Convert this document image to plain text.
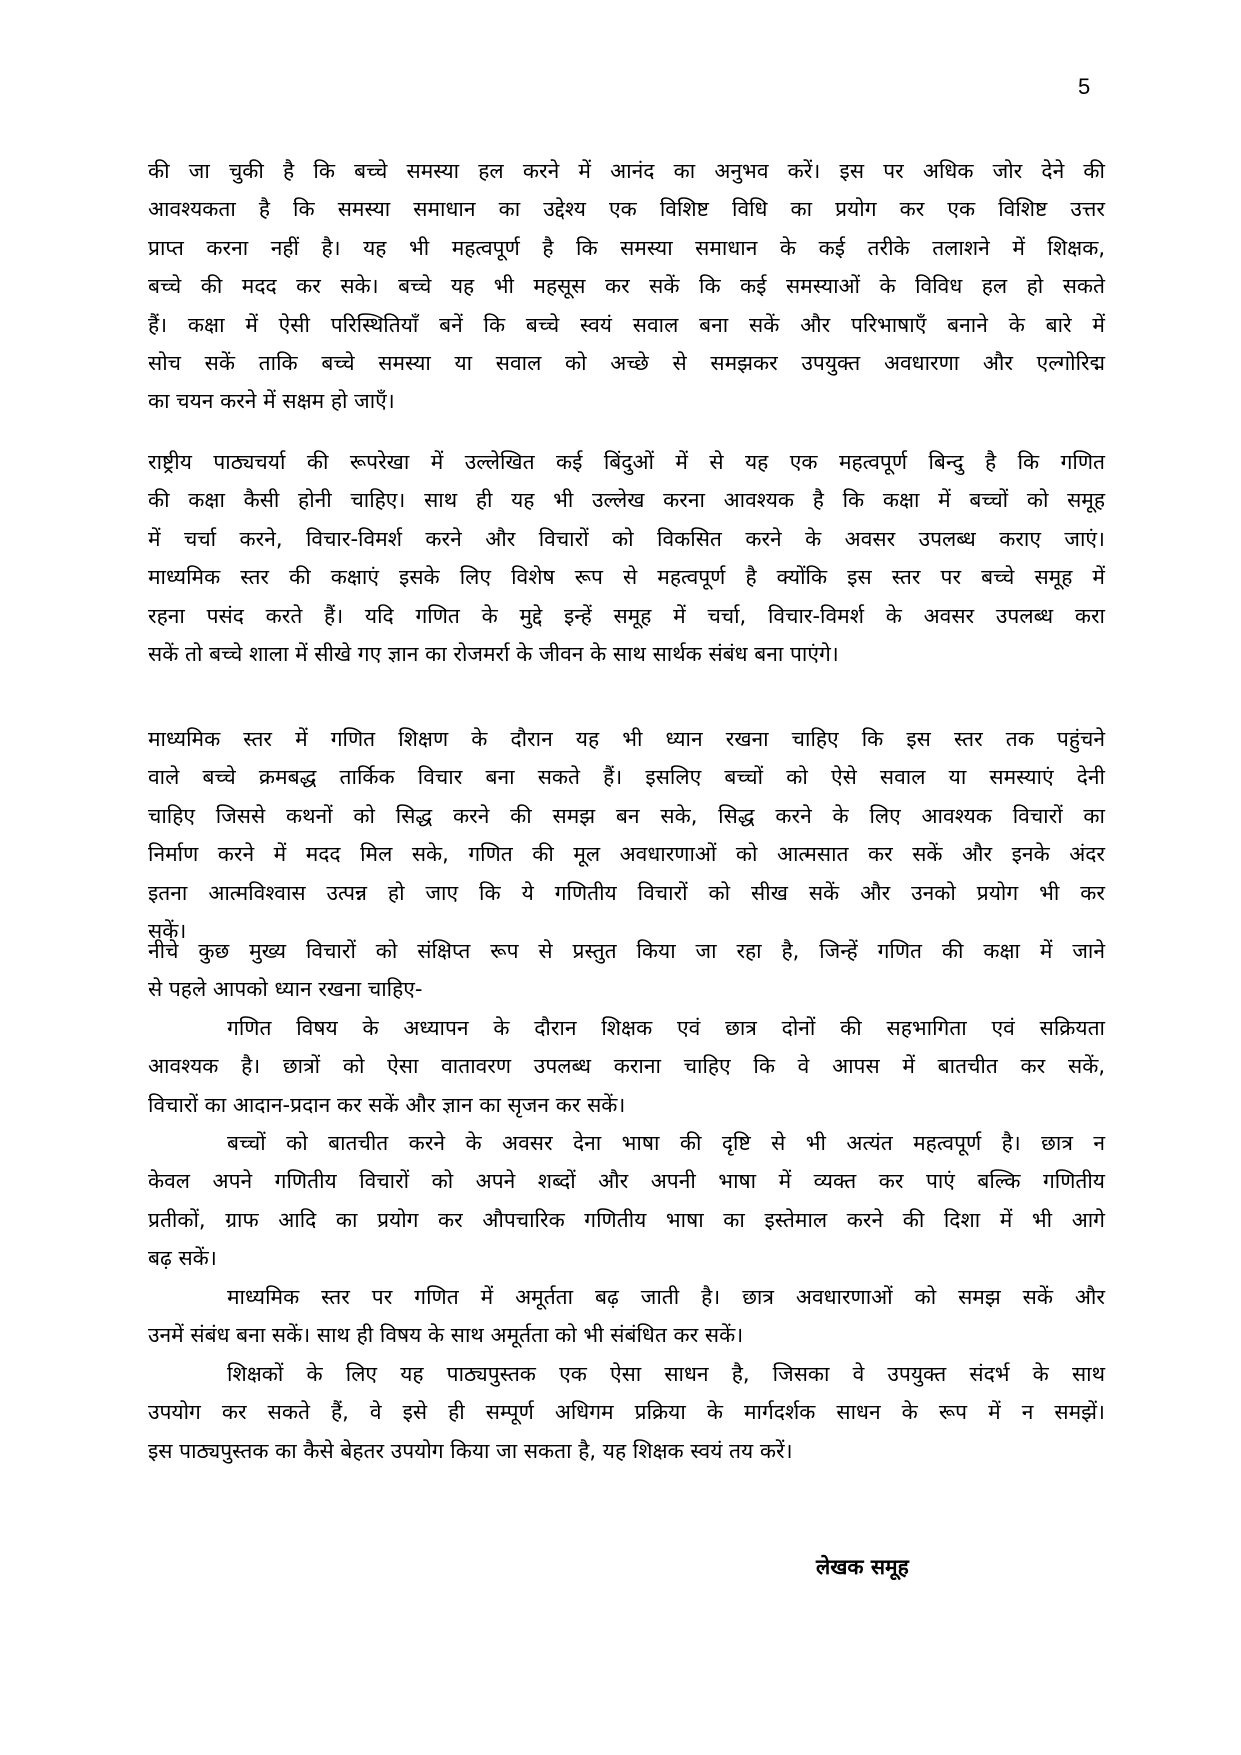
5
की जा चुकी है कि बच्चे समस्या हल करने में आनंद का अनुभव करें। इस पर अधिक जोर देने की
आवश्यकता है कि समस्या समाधान का उद्देश्य एक विशिष्ट विधि का प्रयोग कर एक विशिष्ट उत्तर
प्राप्त करना नहीं है। यह भी महत्वपूर्ण है कि समस्या समाधान के कई तरीके तलाशने में शिक्षक,
बच्चे की मदद कर सके। बच्चे यह भी महसूस कर सकें कि कई समस्याओं के विविध हल हो सकते
हैं। कक्षा में ऐसी परिस्थितियाँ बनें कि बच्चे स्वयं सवाल बना सकें और परिभाषाएँ बनाने के बारे में
सोच सकें ताकि बच्चे समस्या या सवाल को अच्छे से समझकर उपयुक्त अवधारणा और एल्गोरिद्म
का चयन करने में सक्षम हो जाएँ।
राष्ट्रीय पाठ्यचर्या की रूपरेखा में उल्लेखित कई बिंदुओं में से यह एक महत्वपूर्ण बिन्दु है कि गणित
की कक्षा कैसी होनी चाहिए। साथ ही यह भी उल्लेख करना आवश्यक है कि कक्षा में बच्चों को समूह
में चर्चा करने, विचार-विमर्श करने और विचारों को विकसित करने के अवसर उपलब्ध कराए जाएं।
माध्यमिक स्तर की कक्षाएं इसके लिए विशेष रूप से महत्वपूर्ण है क्योंकि इस स्तर पर बच्चे समूह में
रहना पसंद करते हैं। यदि गणित के मुद्दे इन्हें समूह में चर्चा, विचार-विमर्श के अवसर उपलब्ध करा
सकें तो बच्चे शाला में सीखे गए ज्ञान का रोजमर्रा के जीवन के साथ सार्थक संबंध बना पाएंगे।
माध्यमिक स्तर में गणित शिक्षण के दौरान यह भी ध्यान रखना चाहिए कि इस स्तर तक पहुंचने
वाले बच्चे क्रमबद्ध तार्किक विचार बना सकते हैं। इसलिए बच्चों को ऐसे सवाल या समस्याएं देनी
चाहिए जिससे कथनों को सिद्ध करने की समझ बन सके, सिद्ध करने के लिए आवश्यक विचारों का
निर्माण करने में मदद मिल सके, गणित की मूल अवधारणाओं को आत्मसात कर सकें और इनके अंदर
इतना आत्मविश्वास उत्पन्न हो जाए कि ये गणितीय विचारों को सीख सकें और उनको प्रयोग भी कर
सकें।
नीचे कुछ मुख्य विचारों को संक्षिप्त रूप से प्रस्तुत किया जा रहा है, जिन्हें गणित की कक्षा में जाने
से पहले आपको ध्यान रखना चाहिए-
गणित विषय के अध्यापन के दौरान शिक्षक एवं छात्र दोनों की सहभागिता एवं सक्रियता
आवश्यक है। छात्रों को ऐसा वातावरण उपलब्ध कराना चाहिए कि वे आपस में बातचीत कर सकें,
विचारों का आदान-प्रदान कर सकें और ज्ञान का सृजन कर सकें।
बच्चों को बातचीत करने के अवसर देना भाषा की दृष्टि से भी अत्यंत महत्वपूर्ण है। छात्र न
केवल अपने गणितीय विचारों को अपने शब्दों और अपनी भाषा में व्यक्त कर पाएं बल्कि गणितीय
प्रतीकों, ग्राफ आदि का प्रयोग कर औपचारिक गणितीय भाषा का इस्तेमाल करने की दिशा में भी आगे
बढ़ सकें।
माध्यमिक स्तर पर गणित में अमूर्तता बढ़ जाती है। छात्र अवधारणाओं को समझ सकें और
उनमें संबंध बना सकें। साथ ही विषय के साथ अमूर्तता को भी संबंधित कर सकें।
शिक्षकों के लिए यह पाठ्यपुस्तक एक ऐसा साधन है, जिसका वे उपयुक्त संदर्भ के साथ
उपयोग कर सकते हैं, वे इसे ही सम्पूर्ण अधिगम प्रक्रिया के मार्गदर्शक साधन के रूप में न समझें।
इस पाठ्यपुस्तक का कैसे बेहतर उपयोग किया जा सकता है, यह शिक्षक स्वयं तय करें।
लेखक समूह
